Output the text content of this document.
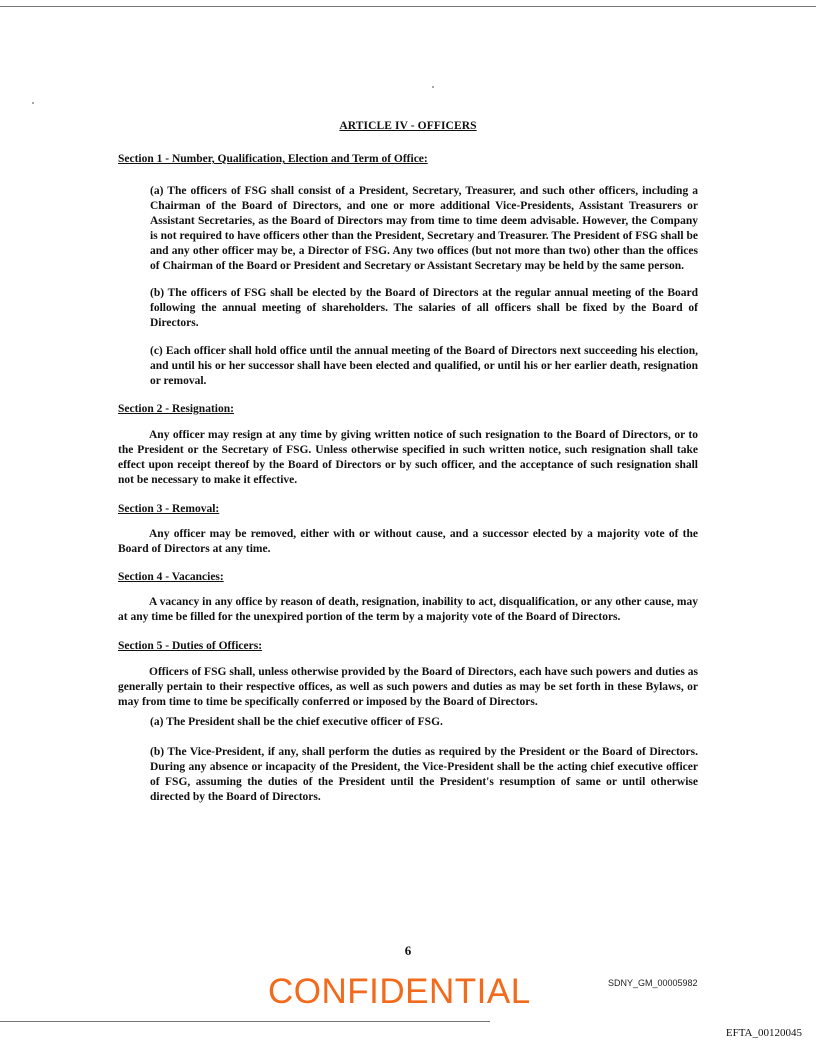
ARTICLE IV - OFFICERS
Section 1 - Number, Qualification, Election and Term of Office:

(a) The officers of FSG shall consist of a President, Secretary, Treasurer, and such other officers, including a Chairman of the Board of Directors, and one or more additional Vice-Presidents, Assistant Treasurers or Assistant Secretaries, as the Board of Directors may from time to time deem advisable. However, the Company is not required to have officers other than the President, Secretary and Treasurer. The President of FSG shall be and any other officer may be, a Director of FSG. Any two offices (but not more than two) other than the offices of Chairman of the Board or President and Secretary or Assistant Secretary may be held by the same person.

(b) The officers of FSG shall be elected by the Board of Directors at the regular annual meeting of the Board following the annual meeting of shareholders. The salaries of all officers shall be fixed by the Board of Directors.

(c) Each officer shall hold office until the annual meeting of the Board of Directors next succeeding his election, and until his or her successor shall have been elected and qualified, or until his or her earlier death, resignation or removal.

Section 2 - Resignation:

Any officer may resign at any time by giving written notice of such resignation to the Board of Directors, or to the President or the Secretary of FSG. Unless otherwise specified in such written notice, such resignation shall take effect upon receipt thereof by the Board of Directors or by such officer, and the acceptance of such resignation shall not be necessary to make it effective.

Section 3 - Removal:

Any officer may be removed, either with or without cause, and a successor elected by a majority vote of the Board of Directors at any time.

Section 4 - Vacancies:

A vacancy in any office by reason of death, resignation, inability to act, disqualification, or any other cause, may at any time be filled for the unexpired portion of the term by a majority vote of the Board of Directors.

Section 5 - Duties of Officers:

Officers of FSG shall, unless otherwise provided by the Board of Directors, each have such powers and duties as generally pertain to their respective offices, as well as such powers and duties as may be set forth in these Bylaws, or may from time to time be specifically conferred or imposed by the Board of Directors.

(a) The President shall be the chief executive officer of FSG.

(b) The Vice-President, if any, shall perform the duties as required by the President or the Board of Directors. During any absence or incapacity of the President, the Vice-President shall be the acting chief executive officer of FSG, assuming the duties of the President until the President's resumption of same or until otherwise directed by the Board of Directors.

6
CONFIDENTIAL	SDNY_GM_00005982
EFTA_00120045
